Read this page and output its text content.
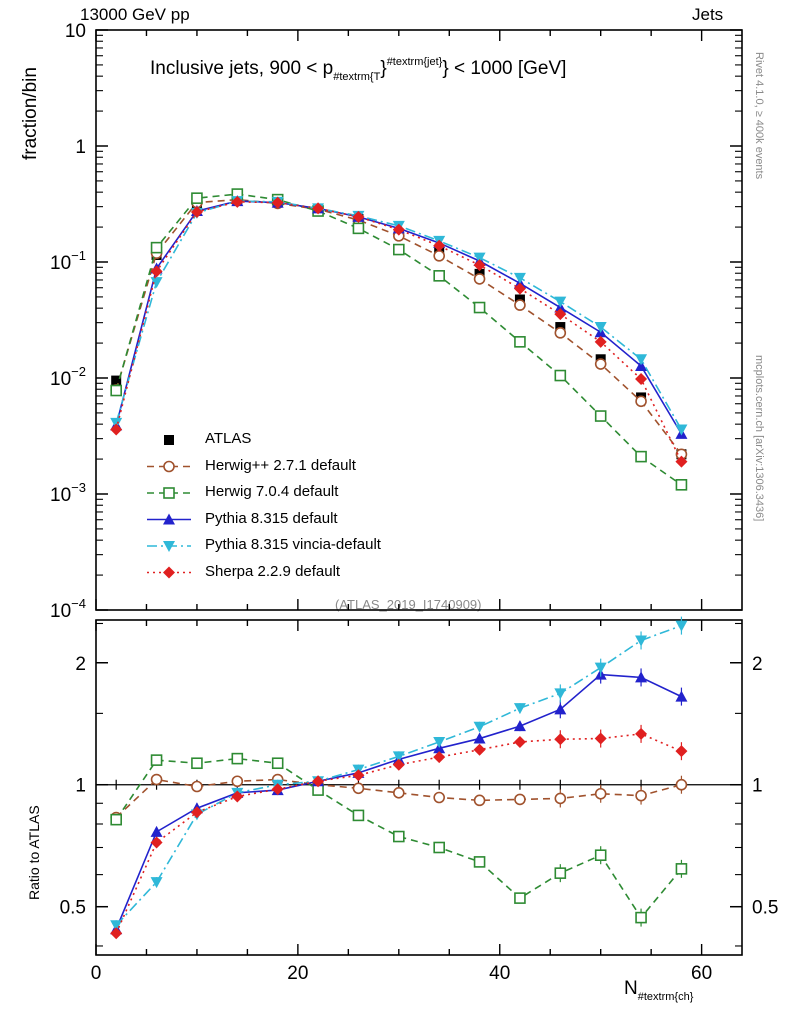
13000 GeV pp	Jets
Rivet 4.1.0, ≥ 400k events
mcplots.cern.ch [arXiv:1306.3436]
fraction/bin
Ratio to ATLAS
Inclusive jets, $900 < p_{\#textrm\{T}\}^{\#textrm\{jet\}}\} < 1000$ [GeV]
$N_{\#textrm\{ch\}}$
(ATLAS_2019_I1740909)
0	20	40	60
10
1
$10^{-1}$
$10^{-2}$
$10^{-3}$
$10^{-4}$
2	2
1	1
0.5	0.5
ATLAS
Herwig++ 2.7.1 default
Herwig 7.0.4 default
Pythia 8.315 default
Pythia 8.315 vincia-default
Sherpa 2.2.9 default
